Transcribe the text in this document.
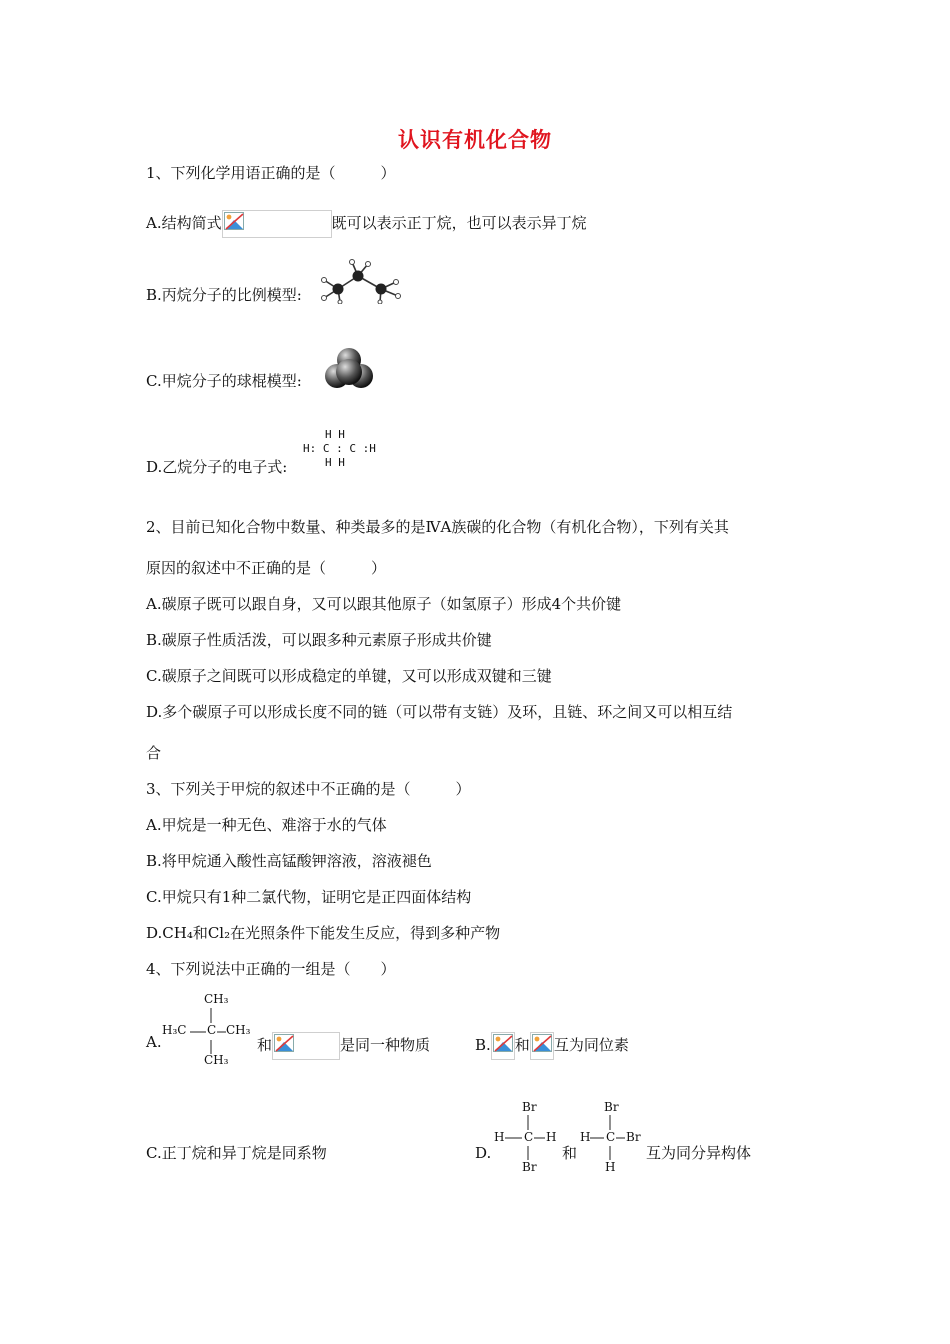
认识有机化合物
1、下列化学用语正确的是（　　　）
A.结构简式	既可以表示正丁烷，也可以表示异丁烷
B.丙烷分子的比例模型:
C.甲烷分子的球棍模型:
D.乙烷分子的电子式:
H H
H: C : C :H
H H
2、目前已知化合物中数量、种类最多的是ⅣA族碳的化合物（有机化合物），下列有关其
原因的叙述中不正确的是（　　　）
A.碳原子既可以跟自身，又可以跟其他原子（如氢原子）形成4个共价键
B.碳原子性质活泼，可以跟多种元素原子形成共价键
C.碳原子之间既可以形成稳定的单键，又可以形成双键和三键
D.多个碳原子可以形成长度不同的链（可以带有支链）及环，且链、环之间又可以相互结
合
3、下列关于甲烷的叙述中不正确的是（　　　）
A.甲烷是一种无色、难溶于水的气体
B.将甲烷通入酸性高锰酸钾溶液，溶液褪色
C.甲烷只有1种二氯代物，证明它是正四面体结构
D.CH₄和Cl₂在光照条件下能发生反应，得到多种产物
4、下列说法中正确的一组是（　　）
A.
CH₃
H₃C C CH₃
CH₃
和	是同一种物质	B. 和 互为同位素
C.正丁烷和异丁烷是同系物	D.
Br
H C H
Br
和
Br
H C Br
H
互为同分异构体
